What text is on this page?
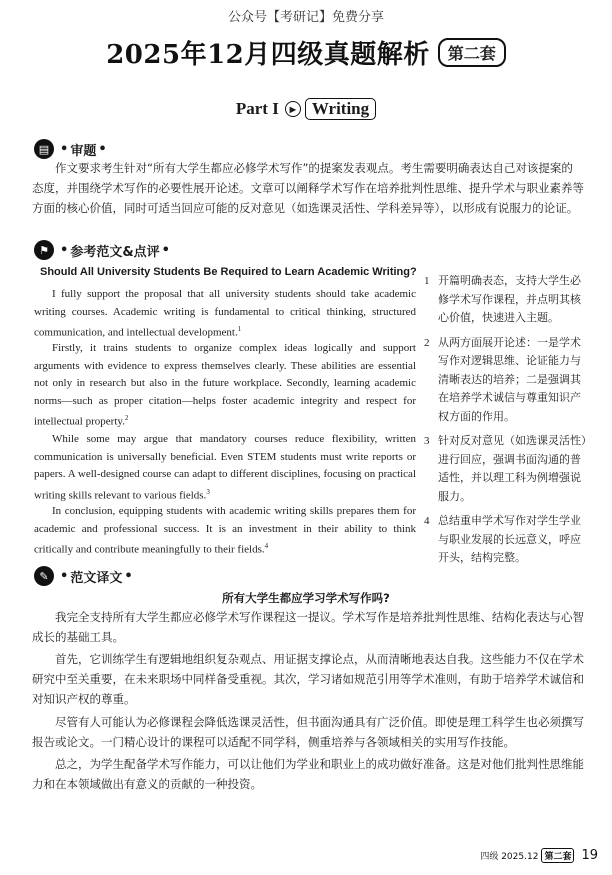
公众号【考研记】免费分享
2025年12月四级真题解析	第二套
Part I	▶ Writing
▤ • 审题 •

作文要求考生针对“所有大学生都应必修学术写作”的提案发表观点。考生需要明确表达自己对该提案的态度，并围绕学术写作的必要性展开论述。文章可以阐释学术写作在培养批判性思维、提升学术与职业素养等方面的核心价值，同时可适当回应可能的反对意见（如选课灵活性、学科差异等），以形成有说服力的论证。

⚑ • 参考范文&点评 •
Should All University Students Be Required to Learn Academic Writing?

I fully support the proposal that all university students should take academic writing courses. Academic writing is fundamental to critical thinking, structured communication, and intellectual development.$^1$

Firstly, it trains students to organize complex ideas logically and support arguments with evidence to express themselves clearly. These abilities are essential not only in research but also in the future workplace. Secondly, learning academic norms—such as proper citation—helps foster academic integrity and respect for intellectual property.$^2$

While some may argue that mandatory courses reduce flexibility, written communication is universally beneficial. Even STEM students must write reports or papers. A well-designed course can adapt to different disciplines, focusing on practical writing skills relevant to various fields.$^3$

In conclusion, equipping students with academic writing skills prepares them for academic and professional success. It is an investment in their ability to think critically and contribute meaningfully to their fields.$^4$

1 开篇明确表态，支持大学生必修学术写作课程，并点明其核心价值，快速进入主题。
2 从两方面展开论述：一是学术写作对逻辑思维、论证能力与清晰表达的培养；二是强调其在培养学术诚信与尊重知识产权方面的作用。
3 针对反对意见（如选课灵活性）进行回应，强调书面沟通的普适性，并以理工科为例增强说服力。
4 总结重申学术写作对学生学业与职业发展的长远意义，呼应开头，结构完整。
✎ • 范文译文 •
所有大学生都应学习学术写作吗?

我完全支持所有大学生都应必修学术写作课程这一提议。学术写作是培养批判性思维、结构化表达与心智成长的基础工具。

首先，它训练学生有逻辑地组织复杂观点、用证据支撑论点，从而清晰地表达自我。这些能力不仅在学术研究中至关重要，在未来职场中同样备受重视。其次，学习诸如规范引用等学术准则，有助于培养学术诚信和对知识产权的尊重。

尽管有人可能认为必修课程会降低选课灵活性，但书面沟通具有广泛价值。即使是理工科学生也必须撰写报告或论文。一门精心设计的课程可以适配不同学科，侧重培养与各领域相关的实用写作技能。

总之，为学生配备学术写作能力，可以让他们为学业和职业上的成功做好准备。这是对他们批判性思维能力和在本领域做出有意义的贡献的一种投资。

四级 2025.12 第二套 19
